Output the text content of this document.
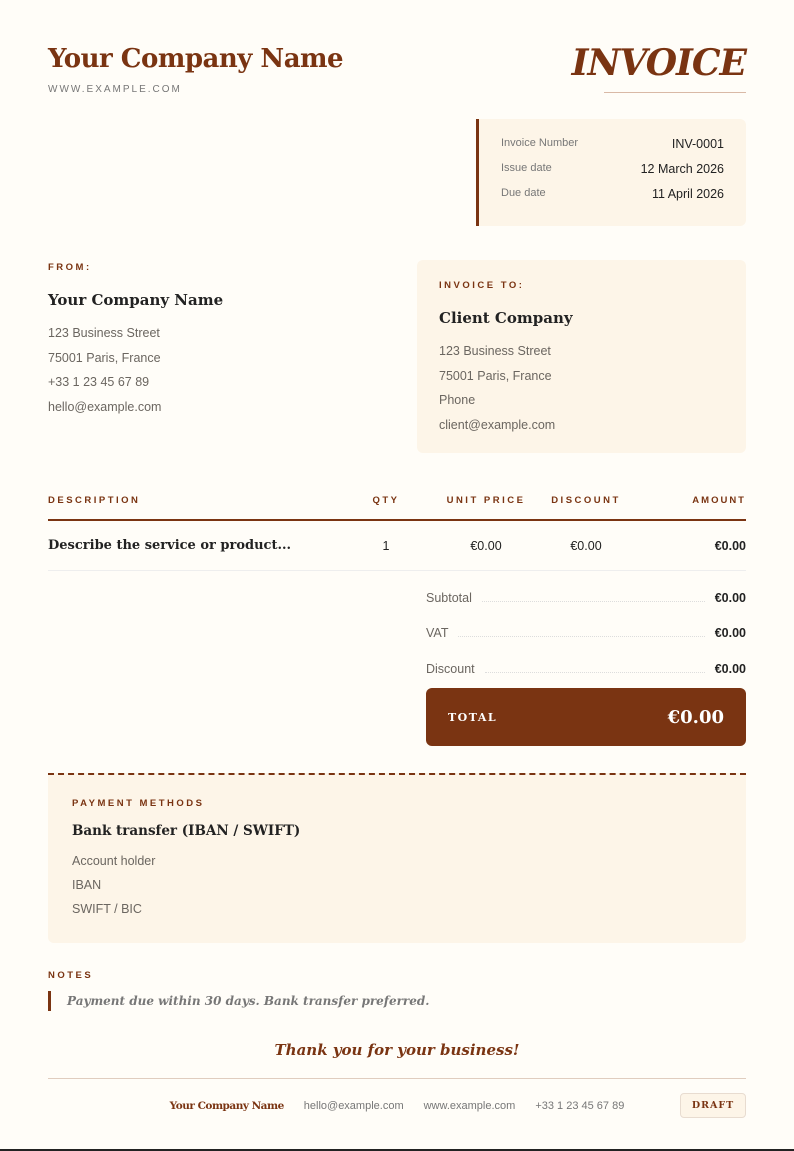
Your Company Name
WWW.EXAMPLE.COM
INVOICE
Invoice Number	INV-0001
Issue date	12 March 2026
Due date	11 April 2026
FROM:
Your Company Name
123 Business Street
75001 Paris, France
+33 1 23 45 67 89
hello@example.com
INVOICE TO:
Client Company
123 Business Street
75001 Paris, France
Phone
client@example.com
DESCRIPTION	QTY	UNIT PRICE	DISCOUNT	AMOUNT
Describe the service or product...	1	€0.00	€0.00	€0.00
Subtotal	€0.00
VAT	€0.00
Discount	€0.00
TOTAL	€0.00
PAYMENT METHODS
Bank transfer (IBAN / SWIFT)
Account holder
IBAN
SWIFT / BIC
NOTES
Payment due within 30 days. Bank transfer preferred.
Thank you for your business!
Your Company Name hello@example.com www.example.com +33 1 23 45 67 89	DRAFT
